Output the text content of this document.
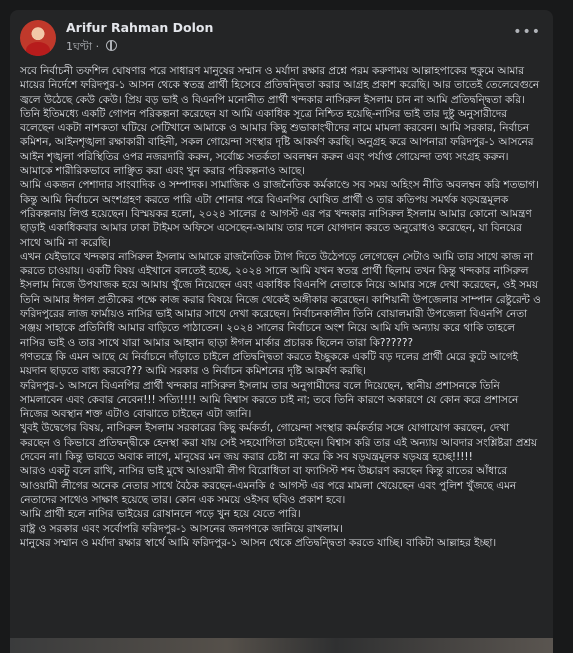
Arifur Rahman Dolon
1ঘণ্টা ·
•••

সবে নির্বাচনী তফশিল ঘোষণার পরে সাধারণ মানুষের সম্মান ও মর্যাদা রক্ষার প্রশ্নে পরম করুণাময় আল্লাহপাকের হুকুমে আমার মায়ের নির্দেশে ফরিদপুর-১ আসন থেকে স্বতন্ত্র প্রার্থী হিসেবে প্রতিদ্বন্দ্বিতা করার আগ্রহ প্রকাশ করেছি। আর তাতেই তেলেবেগুনে জ্বলে উঠেছে কেউ কেউ। প্রিয় বড় ভাই ও বিএনপি মনোনীত প্রার্থী খন্দকার নাসিরুল ইসলাম চান না আমি প্রতিদ্বন্দ্বিতা করি। তিনি ইতিমধ্যে একটি গোপন পরিকল্পনা করেছেন যা আমি একাধিক সূত্রে নিশ্চিত হয়েছি-নাসির ভাই তার দুষ্টু অনুসারীদের বলেছেন একটা নাশকতা ঘটিয়ে সেটিখানে আমাকে ও আমার কিছু শুভাকাংখীদের নামে মামলা করবেন। আমি সরকার, নির্বাচন কমিশন, আইনশৃঙ্খলা রক্ষাকারী বাহিনী, সকল গোয়েন্দা সংস্থার দৃষ্টি আকর্ষণ করছি। অনুগ্রহ করে আপনারা ফরিদপুর-১ আসনের আইন শৃঙ্খলা পরিস্থিতির ওপর নজরদারি করুন, সর্বোচ্চ সতর্কতা অবলম্বন করুন এবং পর্যাপ্ত গোয়েন্দা তথ্য সংগ্রহ করুন। আমাকে শারীরিকভাবে লাঞ্ছিত করা এবং খুন করার পরিকল্পনাও আছে।

আমি একজন পেশাদার সাংবাদিক ও সম্পাদক। সামাজিক ও রাজনৈতিক কর্মকাণ্ডে সব সময় অহিংস নীতি অবলম্বন করি শতভাগ। কিন্তু আমি নির্বাচনে অংশগ্রহণ করতে পারি এটা শোনার পরে বিএনপির ঘোষিত প্রার্থী ও তার কতিপয় সমর্থক ষড়যন্ত্রমূলক পরিকল্পনায় লিপ্ত হয়েছেন। বিস্ময়কর হলো, ২০২৪ সালের ৫ আগস্ট এর পর খন্দকার নাসিরুল ইসলাম আমার কোনো আমন্ত্রণ ছাড়াই একাধিকবার আমার ঢাকা টাইমস অফিসে এসেছেন-আমায় তার দলে যোগদান করতে অনুরোধও করেছেন, যা বিনয়ের সাথে আমি না করেছি।

এখন যেইভাবে খন্দকার নাসিরুল ইসলাম আমাকে রাজনৈতিক ট্যাগ দিতে উঠেপড়ে লেগেছেন সেটাও আমি তার সাথে কাজ না করতে চাওয়ায়। একটি বিষয় এইখানে বলতেই হচ্ছে, ২০২৪ সালে আমি যখন স্বতন্ত্র প্রার্থী ছিলাম তখন কিন্তু খন্দকার নাসিরুল ইসলাম নিজে উপযাজক হয়ে আমায় খুঁজে নিয়েছেন এবং একাধিক বিএনপি নেতাকে নিয়ে আমার সঙ্গে দেখা করেছেন, ওই সময় তিনি আমার ঈগল প্রতীকের পক্ষে কাজ করার বিষয়ে নিজে থেকেই অঙ্গীকার করেছেন। কাশিয়ানী উপজেলার সাম্পান রেষ্টুরেন্ট ও ফরিদপুরের লাজ ফার্মায়ও নাসির ভাই আমার সাথে দেখা করেছেন। নির্বাচনকালীন তিনি বোয়ালমারী উপজেলা বিএনপি নেতা সঞ্জয় সাহাকে প্রতিনিধি আমার বাড়িতে পাঠাতেন। ২০২৪ সালের নির্বাচনে অংশ নিয়ে আমি যদি অন্যায় করে থাকি তাহলে নাসির ভাই ও তার সাথে যারা আমার আহ্বান ছাড়া ঈগল মার্কার প্রচারক ছিলেন তারা কি??????

গণতন্ত্রে কি এমন আছে যে নির্বাচনে দাঁড়াতে চাইলে প্রতিদ্বন্দ্বিতা করতে ইচ্ছুককে একটি বড় দলের প্রার্থী মেরে কুটে আগেই ময়দান ছাড়তে বাধ্য করবে??? আমি সরকার ও নির্বাচন কমিশনের দৃষ্টি আকর্ষণ করছি।

ফরিদপুর-১ আসনে বিএনপির প্রার্থী খন্দকার নাসিরুল ইসলাম তার অনুগামীদের বলে দিয়েছেন, স্থানীয় প্রশাসনকে তিনি সামলাবেন এবং কেবার নেবেন!!! সত্যি!!!! আমি বিশ্বাস করতে চাই না; তবে তিনি কারণে অকারণে যে কোন করে প্রশাসনে নিজের অবস্থান শক্ত এটাও বোঝাতে চাইছেন এটা জানি।

খুবই উদ্বেগের বিষয়, নাসিরুল ইসলাম সরকারের কিছু কর্মকর্তা, গোয়েন্দা সংস্থার কর্মকর্তার সঙ্গে যোগাযোগ করছেন, দেখা করছেন ও কিভাবে প্রতিদ্বন্দ্বীকে হেনস্থা করা যায় সেই সহযোগিতা চাইছেন। বিশ্বাস করি তার এই অন্যায় আবদার সংশ্লিষ্টরা প্রশ্রয় দেবেন না। কিন্তু ভাবতে অবাক লাগে, মানুষের মন জয় করার চেষ্টা না করে কি সব ষড়যন্ত্রমূলক ষড়যন্ত্র হচ্ছে!!!!!

আরও একটু বলে রাখি, নাসির ভাই মুখে আওয়ামী লীগ বিরোধিতা বা ফ্যাসিস্ট শব্দ উচ্চারণ করছেন কিন্তু রাতের আঁধারে আওয়ামী লীগের অনেক নেতার সাথে বৈঠক করছেন-এমনকি ৫ আগস্ট এর পরে মামলা খেয়েছেন এবং পুলিশ খুঁজছে এমন নেতাদের সাথেও সাক্ষাৎ হয়েছে তার। কোন এক সময়ে ওইসব ছবিও প্রকাশ হবে।

আমি প্রার্থী হলে নাসির ভাইয়ের রোষানলে পড়ে খুন হয়ে যেতে পারি।

রাষ্ট্র ও সরকার এবং সর্বোপরি ফরিদপুর-১ আসনের জনগণকে জানিয়ে রাখলাম।

মানুষের সম্মান ও মর্যাদা রক্ষার স্বার্থে আমি ফরিদপুর-১ আসন থেকে প্রতিদ্বন্দ্বিতা করতে যাচ্ছি। বাকিটা আল্লাহর ইচ্ছা।
